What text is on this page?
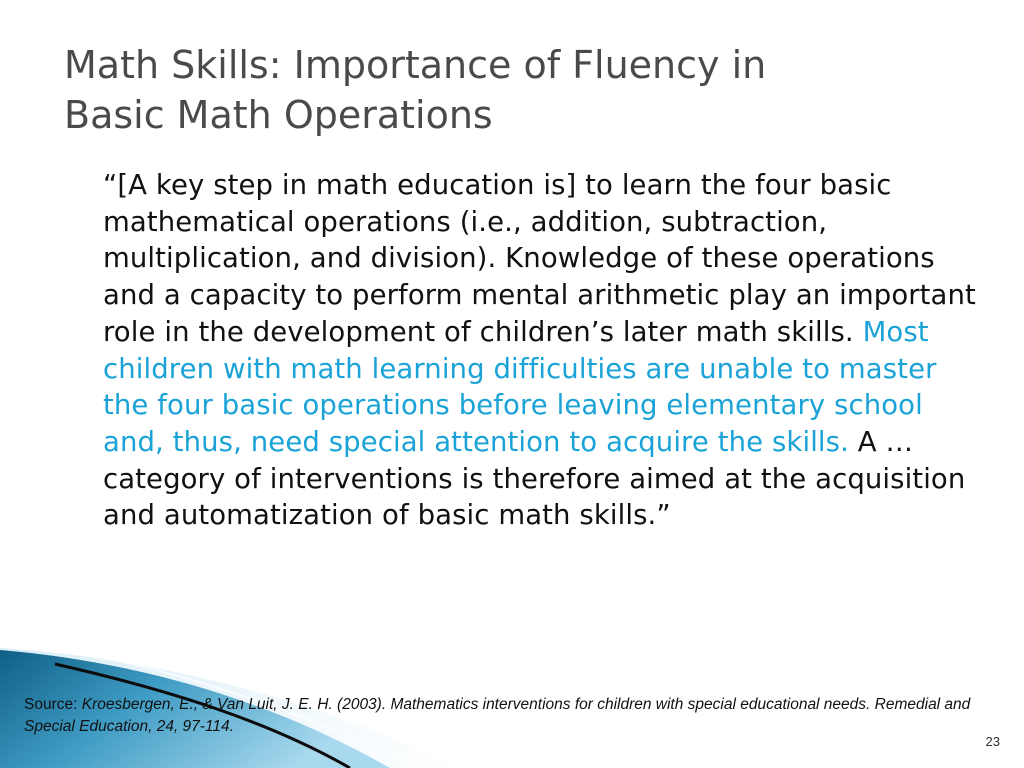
Math Skills: Importance of Fluency in
Basic Math Operations

“[A key step in math education is] to learn the four basic mathematical operations (i.e., addition, subtraction, multiplication, and division). Knowledge of these operations and a capacity to perform mental arithmetic play an important role in the development of children’s later math skills. Most children with math learning difficulties are unable to master the four basic operations before leaving elementary school and, thus, need special attention to acquire the skills. A … category of interventions is therefore aimed at the acquisition and automatization of basic math skills.”

Source: Kroesbergen, E., & Van Luit, J. E. H. (2003). Mathematics interventions for children with special educational needs. Remedial and Special Education, 24, 97-114.

23
